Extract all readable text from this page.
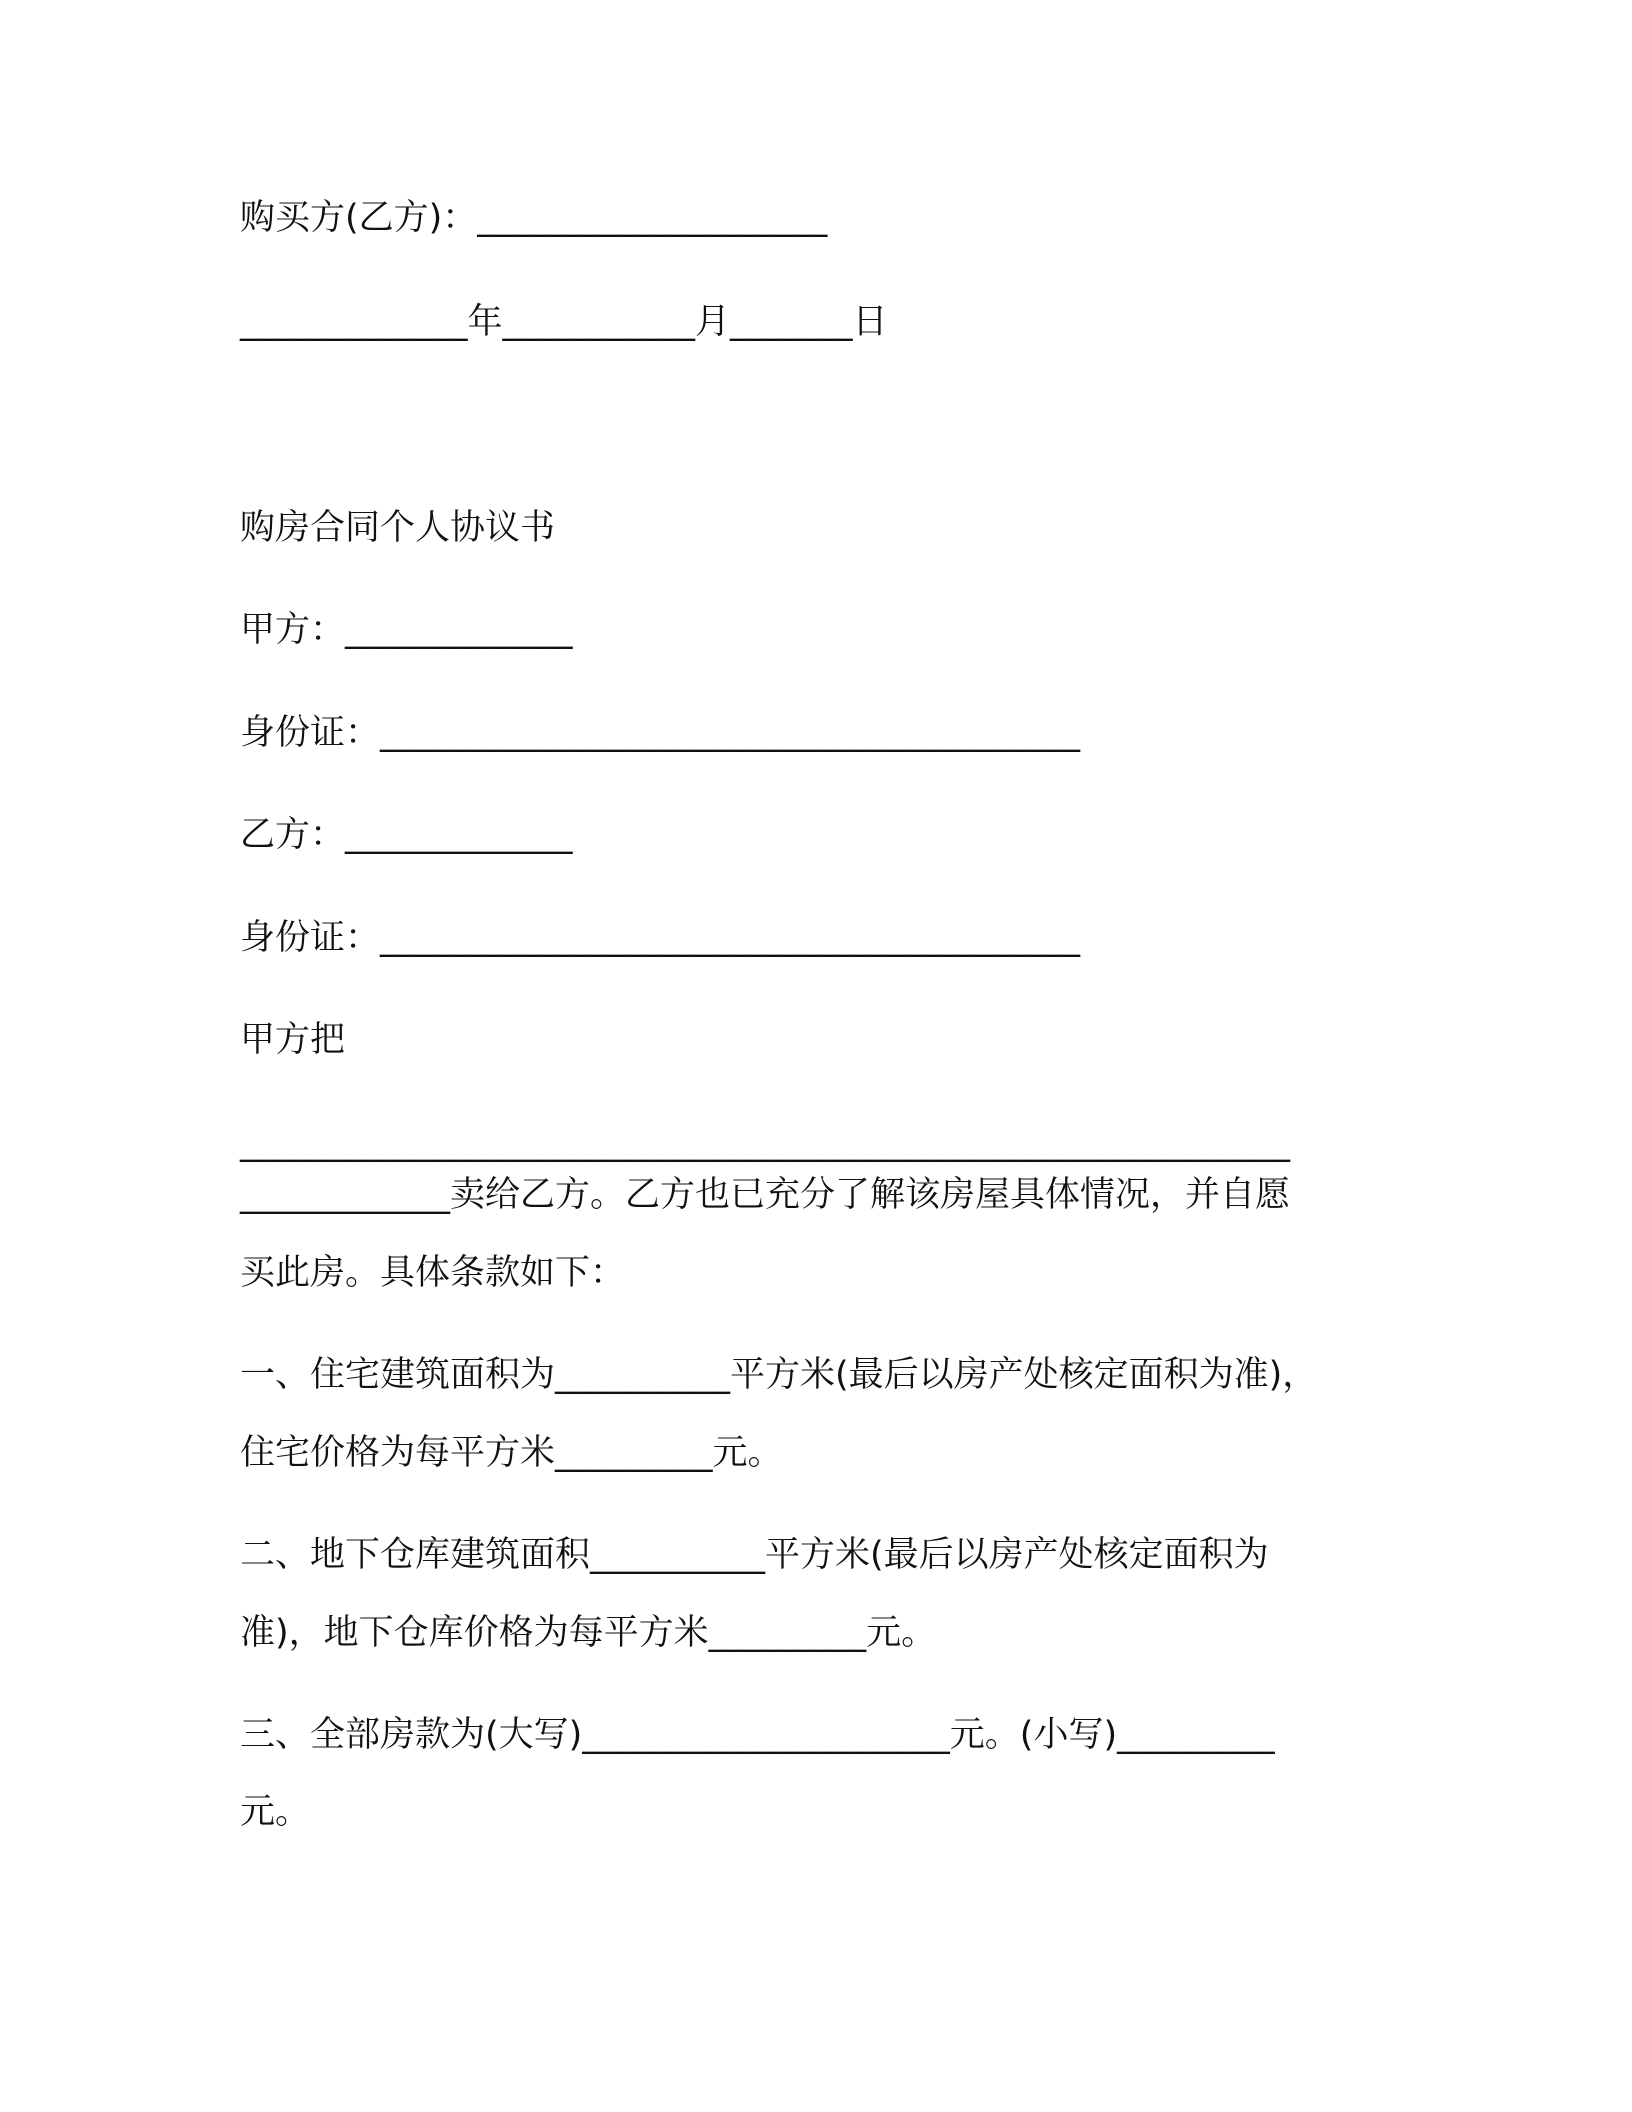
购买方(乙方)：____________________
_____________年___________月_______日
购房合同个人协议书
甲方：_____________
身份证：________________________________________
乙方：_____________
身份证：________________________________________
甲方把
____________________________________________________________
____________卖给乙方。乙方也已充分了解该房屋具体情况，并自愿
买此房。具体条款如下：
一、住宅建筑面积为__________平方米(最后以房产处核定面积为准)，
住宅价格为每平方米_________元。
二、地下仓库建筑面积__________平方米(最后以房产处核定面积为
准)，地下仓库价格为每平方米_________元。
三、全部房款为(大写)_____________________元。(小写)_________
元。
